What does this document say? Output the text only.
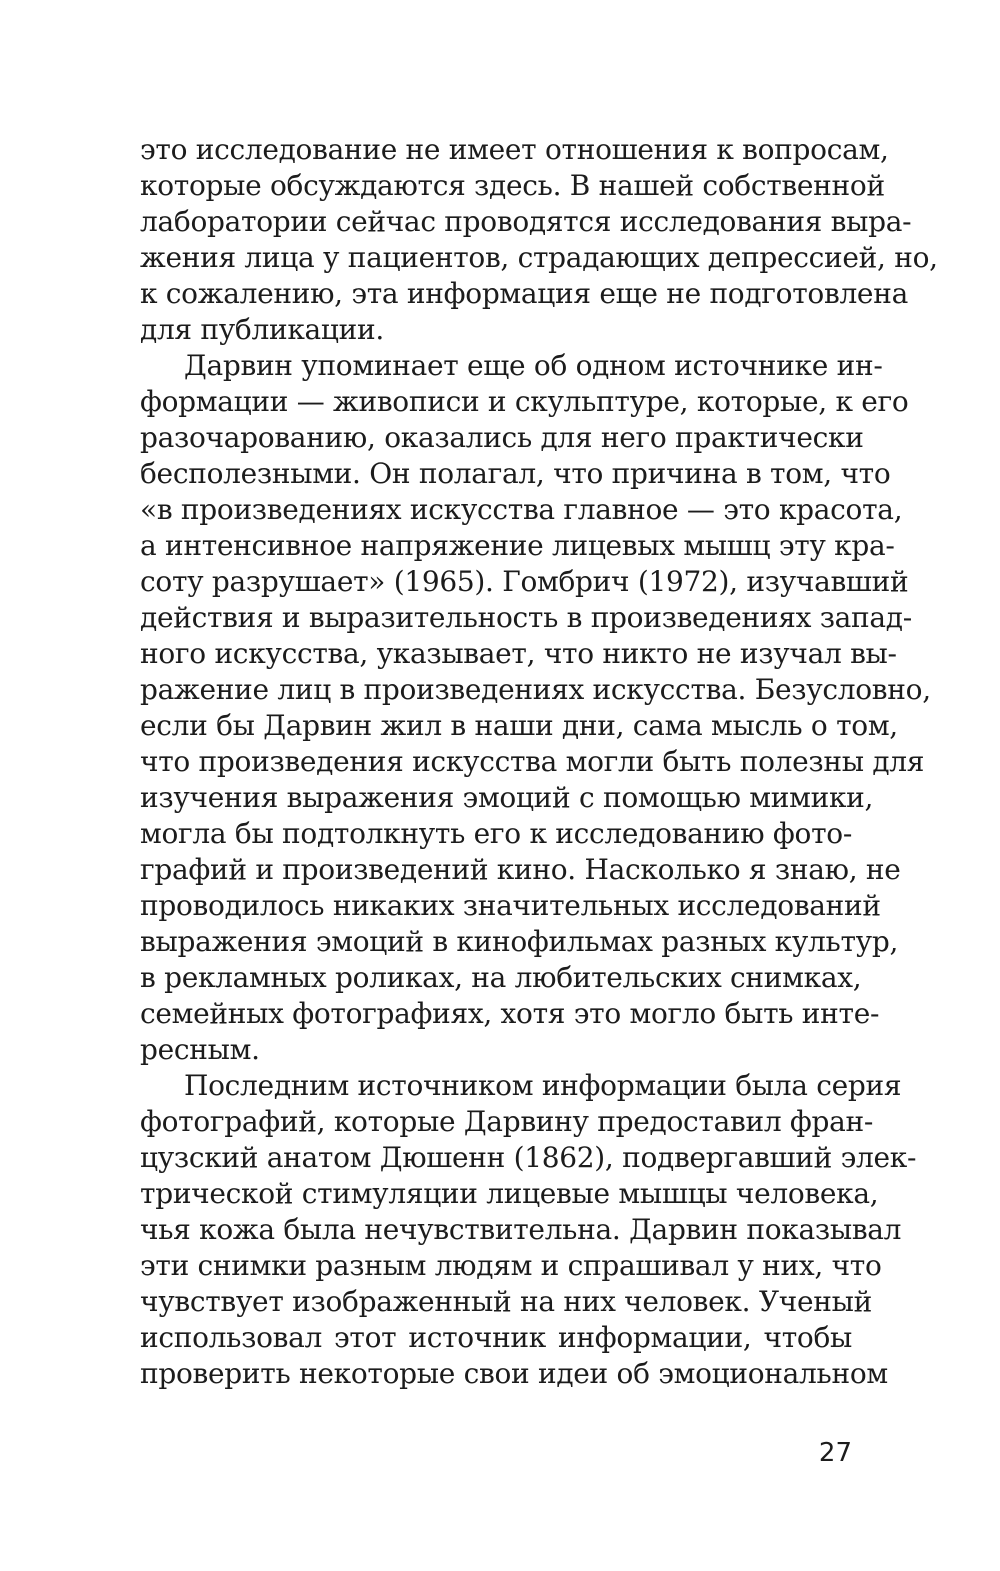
это исследование не имеет отношения к вопросам,
которые обсуждаются здесь. В нашей собственной
лаборатории сейчас проводятся исследования выра-
жения лица у пациентов, страдающих депрессией, но,
к сожалению, эта информация еще не подготовлена
для публикации.
Дарвин упоминает еще об одном источнике ин-
формации — живописи и скульптуре, которые, к его
разочарованию, оказались для него практически
бесполезными. Он полагал, что причина в том, что
«в произведениях искусства главное — это красота,
а интенсивное напряжение лицевых мышц эту кра-
соту разрушает» (1965). Гомбрич (1972), изучавший
действия и выразительность в произведениях запад-
ного искусства, указывает, что никто не изучал вы-
ражение лиц в произведениях искусства. Безусловно,
если бы Дарвин жил в наши дни, сама мысль о том,
что произведения искусства могли быть полезны для
изучения выражения эмоций с помощью мимики,
могла бы подтолкнуть его к исследованию фото-
графий и произведений кино. Насколько я знаю, не
проводилось никаких значительных исследований
выражения эмоций в кинофильмах разных культур,
в рекламных роликах, на любительских снимках,
семейных фотографиях, хотя это могло быть инте-
ресным.
Последним источником информации была серия
фотографий, которые Дарвину предоставил фран-
цузский анатом Дюшенн (1862), подвергавший элек-
трической стимуляции лицевые мышцы человека,
чья кожа была нечувствительна. Дарвин показывал
эти снимки разным людям и спрашивал у них, что
чувствует изображенный на них человек. Ученый
использовал этот источник информации, чтобы
проверить некоторые свои идеи об эмоциональном
27
